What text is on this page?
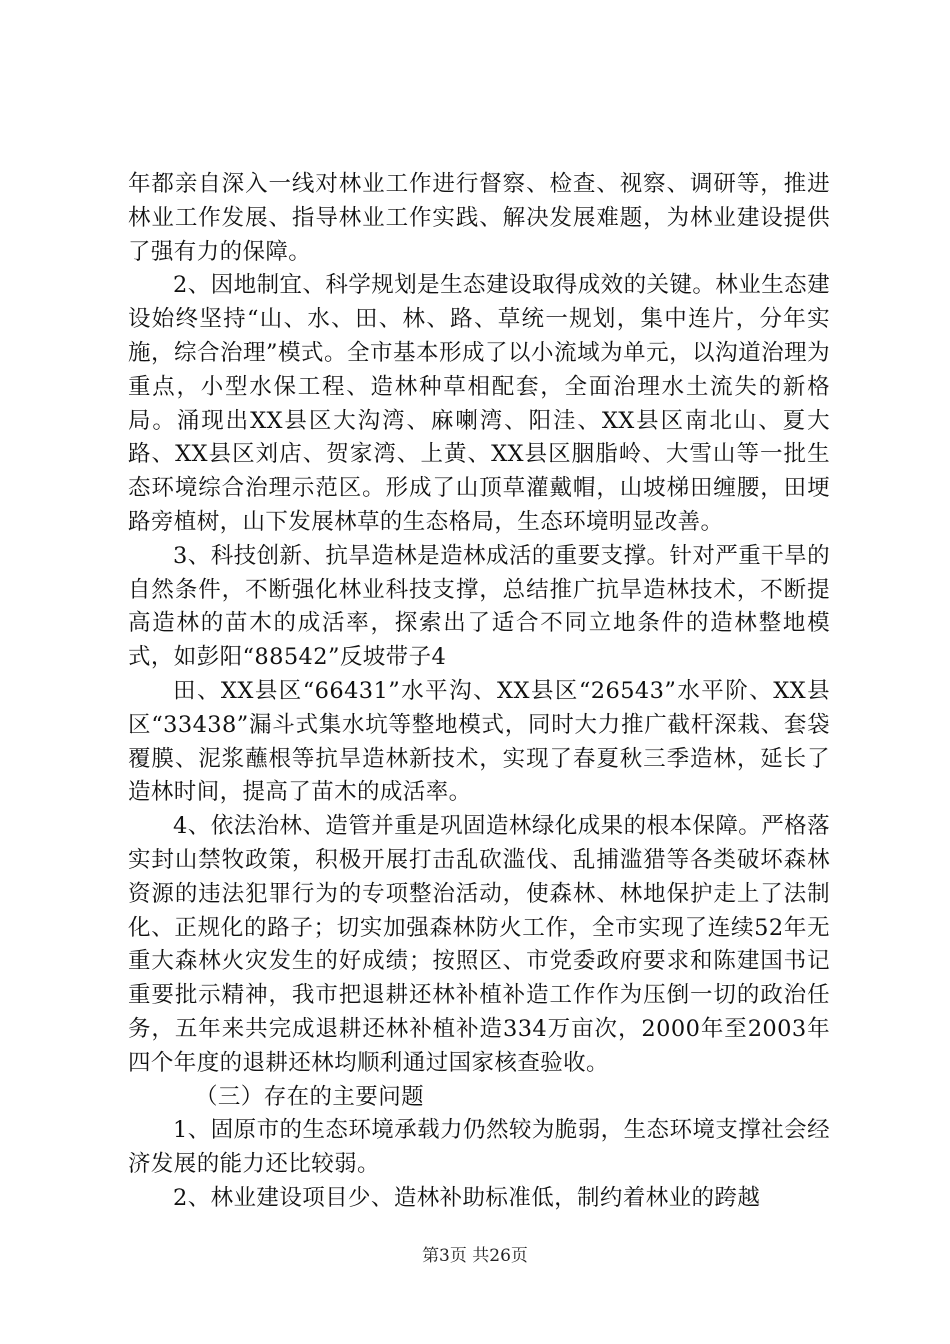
年都亲自深入一线对林业工作进行督察、检查、视察、调研等，推进林业工作发展、指导林业工作实践、解决发展难题，为林业建设提供了强有力的保障。

2、因地制宜、科学规划是生态建设取得成效的关键。林业生态建设始终坚持“山、水、田、林、路、草统一规划，集中连片，分年实施，综合治理”模式。全市基本形成了以小流域为单元，以沟道治理为重点，小型水保工程、造林种草相配套，全面治理水土流失的新格局。涌现出XX县区大沟湾、麻喇湾、阳洼、XX县区南北山、夏大路、XX县区刘店、贺家湾、上黄、XX县区胭脂岭、大雪山等一批生态环境综合治理示范区。形成了山顶草灌戴帽，山坡梯田缠腰，田埂路旁植树，山下发展林草的生态格局，生态环境明显改善。

3、科技创新、抗旱造林是造林成活的重要支撑。针对严重干旱的自然条件，不断强化林业科技支撑，总结推广抗旱造林技术，不断提高造林的苗木的成活率，探索出了适合不同立地条件的造林整地模式，如彭阳“88542”反坡带子4

田、XX县区“66431”水平沟、XX县区“26543”水平阶、XX县区“33438”漏斗式集水坑等整地模式，同时大力推广截杆深栽、套袋覆膜、泥浆蘸根等抗旱造林新技术，实现了春夏秋三季造林，延长了造林时间，提高了苗木的成活率。

4、依法治林、造管并重是巩固造林绿化成果的根本保障。严格落实封山禁牧政策，积极开展打击乱砍滥伐、乱捕滥猎等各类破坏森林资源的违法犯罪行为的专项整治活动，使森林、林地保护走上了法制化、正规化的路子；切实加强森林防火工作，全市实现了连续52年无重大森林火灾发生的好成绩；按照区、市党委政府要求和陈建国书记重要批示精神，我市把退耕还林补植补造工作作为压倒一切的政治任务，五年来共完成退耕还林补植补造334万亩次，2000年至2003年四个年度的退耕还林均顺利通过国家核查验收。

（三）存在的主要问题

1、固原市的生态环境承载力仍然较为脆弱，生态环境支撑社会经济发展的能力还比较弱。

2、林业建设项目少、造林补助标准低，制约着林业的跨越

第3页 共26页
